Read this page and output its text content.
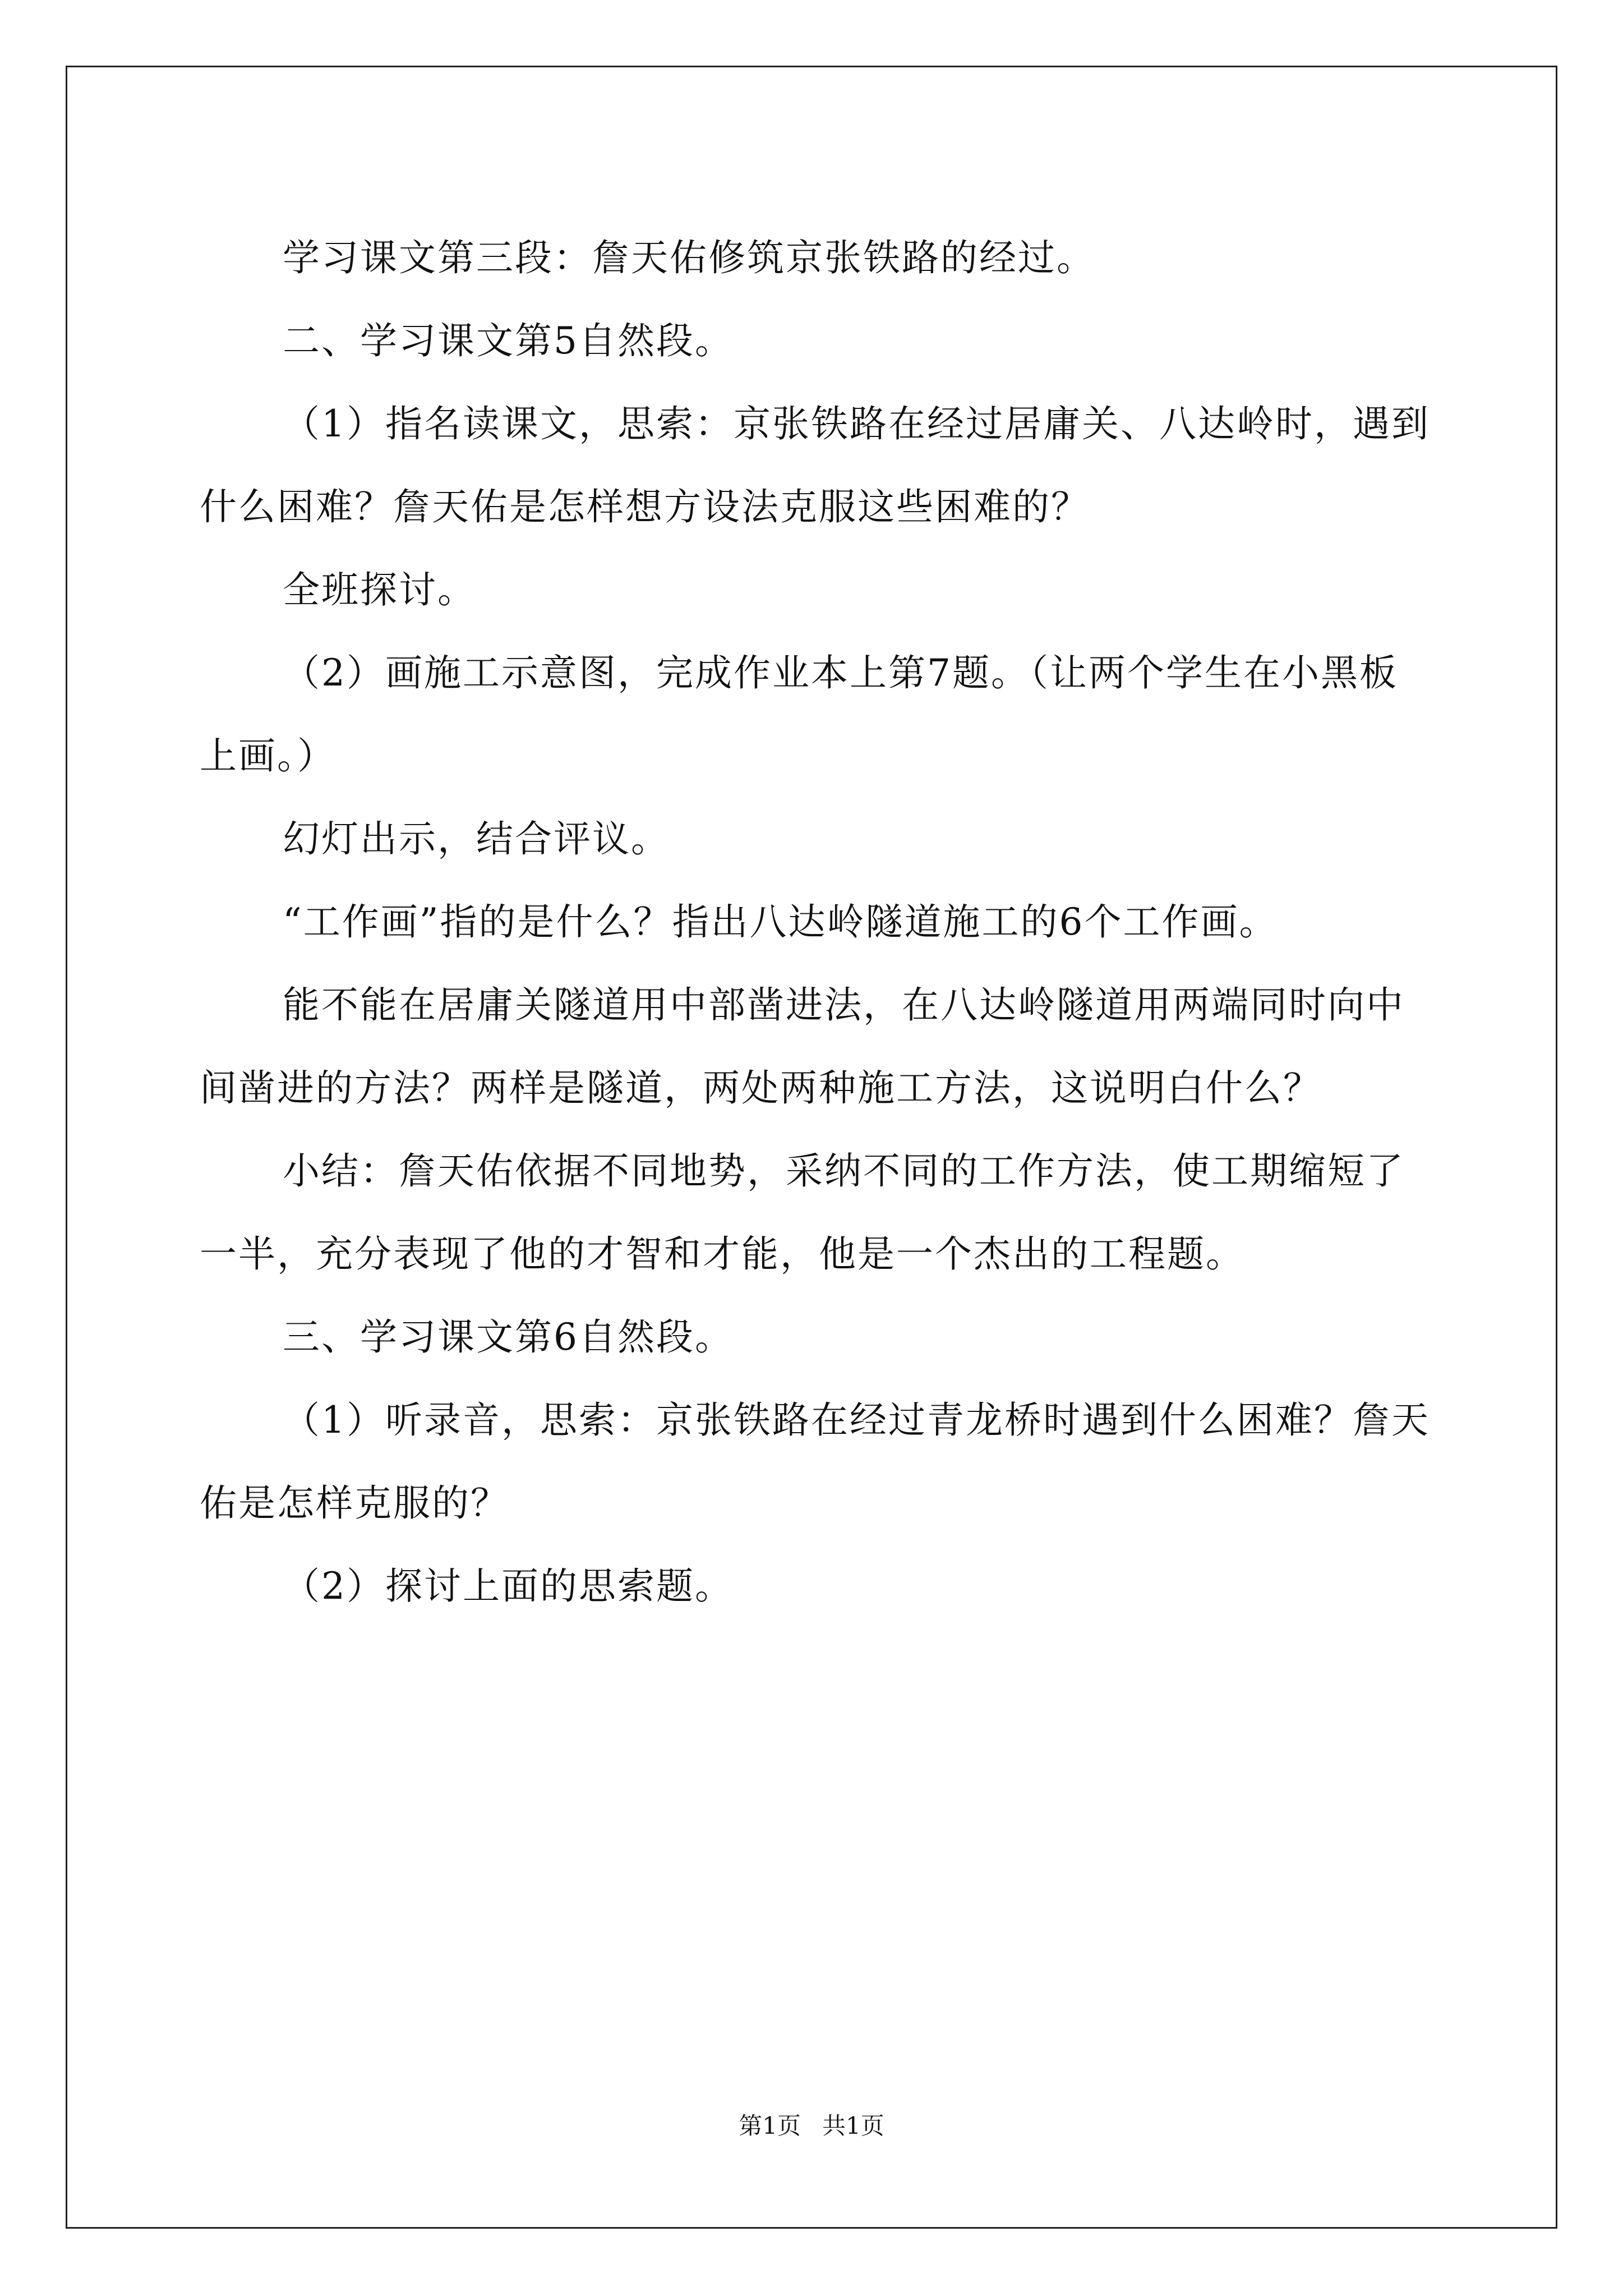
学习课文第三段：詹天佑修筑京张铁路的经过。

二、学习课文第5自然段。

（1）指名读课文，思索：京张铁路在经过居庸关、八达岭时，遇到什么困难？詹天佑是怎样想方设法克服这些困难的？

全班探讨。

（2）画施工示意图，完成作业本上第7题。（让两个学生在小黑板上画。）

幻灯出示，结合评议。

“工作画”指的是什么？指出八达岭隧道施工的6个工作画。

能不能在居庸关隧道用中部凿进法，在八达岭隧道用两端同时向中间凿进的方法？两样是隧道，两处两种施工方法，这说明白什么？

小结：詹天佑依据不同地势，采纳不同的工作方法，使工期缩短了一半，充分表现了他的才智和才能，他是一个杰出的工程题。

三、学习课文第6自然段。

（1）听录音，思索：京张铁路在经过青龙桥时遇到什么困难？詹天佑是怎样克服的？

（2）探讨上面的思索题。

第1页 共1页
